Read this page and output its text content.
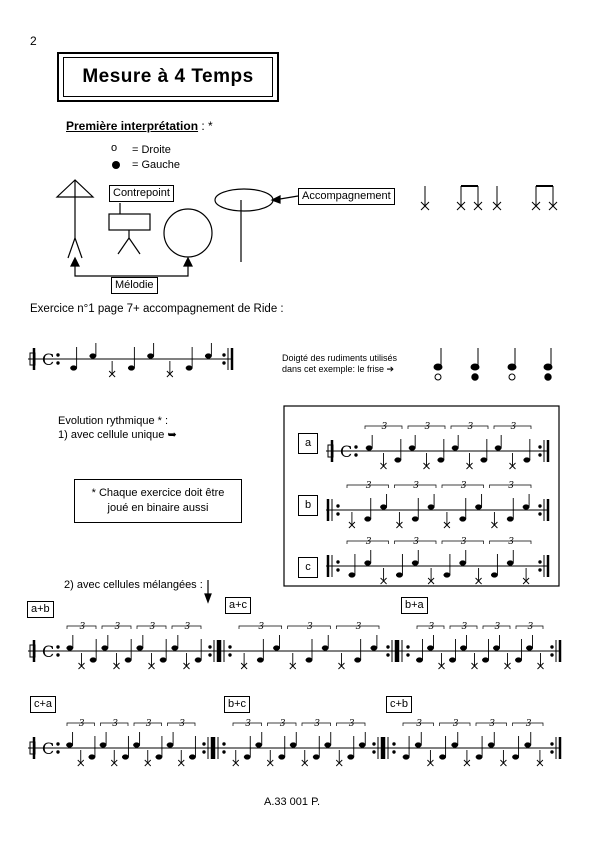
2
Mesure à 4 Temps
Première interprétation : *
o = Droite
= Gauche
Contrepoint	Accompagnement
Mélodie
Exercice n°1 page 7+ accompagnement de Ride :
Doigté des rudiments utilisés
dans cet exemple: le frise ➔
Evolution rythmique * :
1) avec cellule unique ➥
* Chaque exercice doit être
joué en binaire aussi
a
b
c
2) avec cellules mélangées :
a+b	a+c	b+a
c+a	b+c	c+b
A.33 001 P.
C
C
3	3	3	3
3	3	3	3
3	3	3	3
C
3	3	3	3	3	3	3	3	3	3	3
C
3	3	3	3	3	3	3	3	3	3	3	3
